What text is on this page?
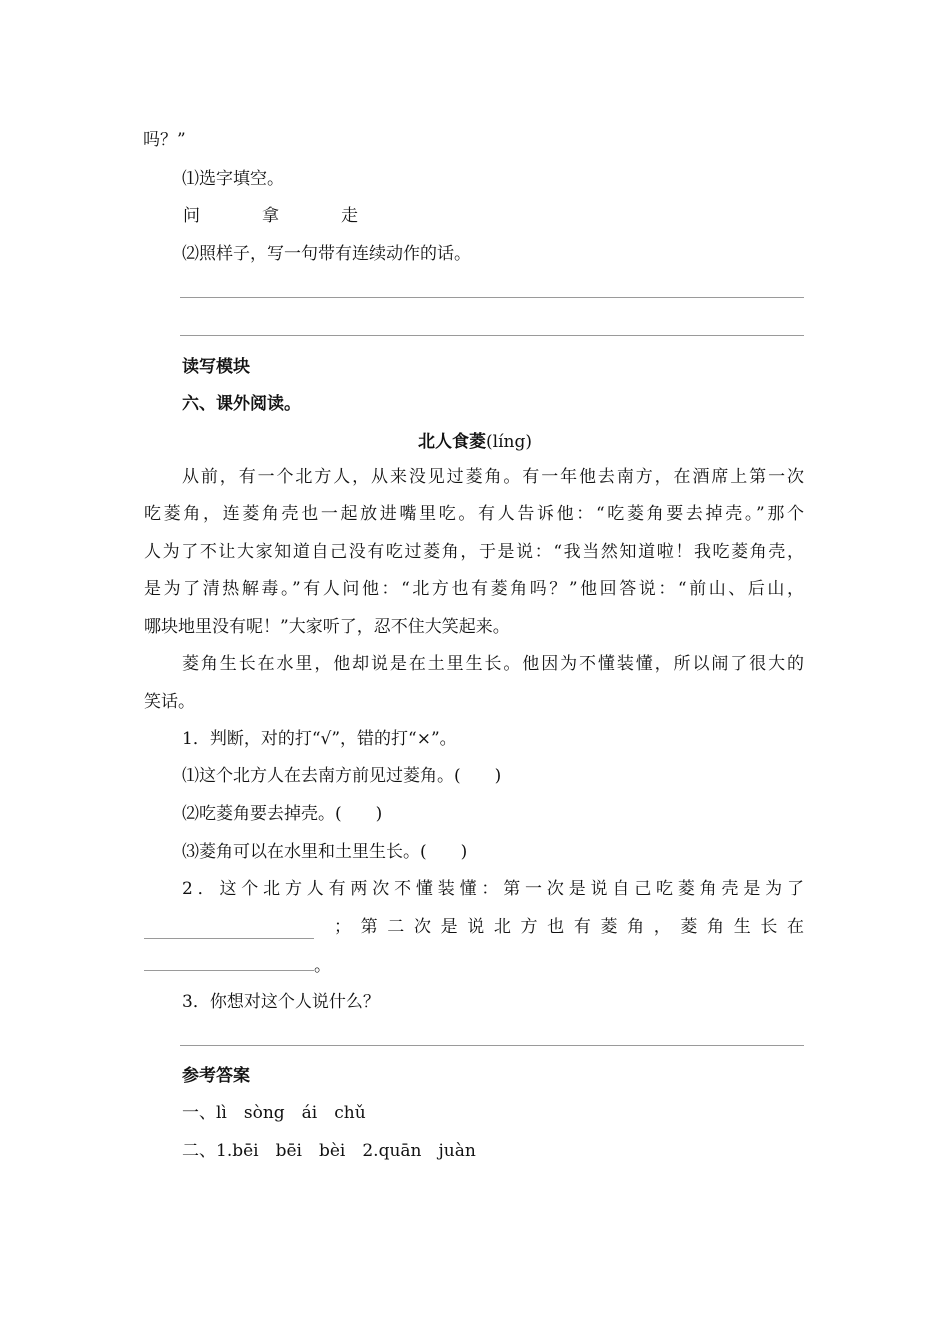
吗？”
⑴选字填空。
问	拿	走
⑵照样子，写一句带有连续动作的话。
读写模块
六、课外阅读。
北人食菱(líng)
从前，有一个北方人，从来没见过菱角。有一年他去南方，在酒席上第一次
吃菱角，连菱角壳也一起放进嘴里吃。有人告诉他：“吃菱角要去掉壳。”那个
人为了不让大家知道自己没有吃过菱角，于是说：“我当然知道啦！我吃菱角壳，
是为了清热解毒。”有人问他：“北方也有菱角吗？”他回答说：“前山、后山，
哪块地里没有呢！”大家听了，忍不住大笑起来。
菱角生长在水里，他却说是在土里生长。他因为不懂装懂，所以闹了很大的
笑话。
1．判断，对的打“√”，错的打“×”。
⑴这个北方人在去南方前见过菱角。(　　)
⑵吃菱角要去掉壳。(　　)
⑶菱角可以在水里和土里生长。(　　)
2．这个北方人有两次不懂装懂：第一次是说自己吃菱角壳是为了
；第二次是说北方也有菱角，菱角生长在
。
3．你想对这个人说什么？
参考答案
一、lì　sòng　ái　chǔ
二、1.bēi　bēi　bèi　2.quān　juàn
